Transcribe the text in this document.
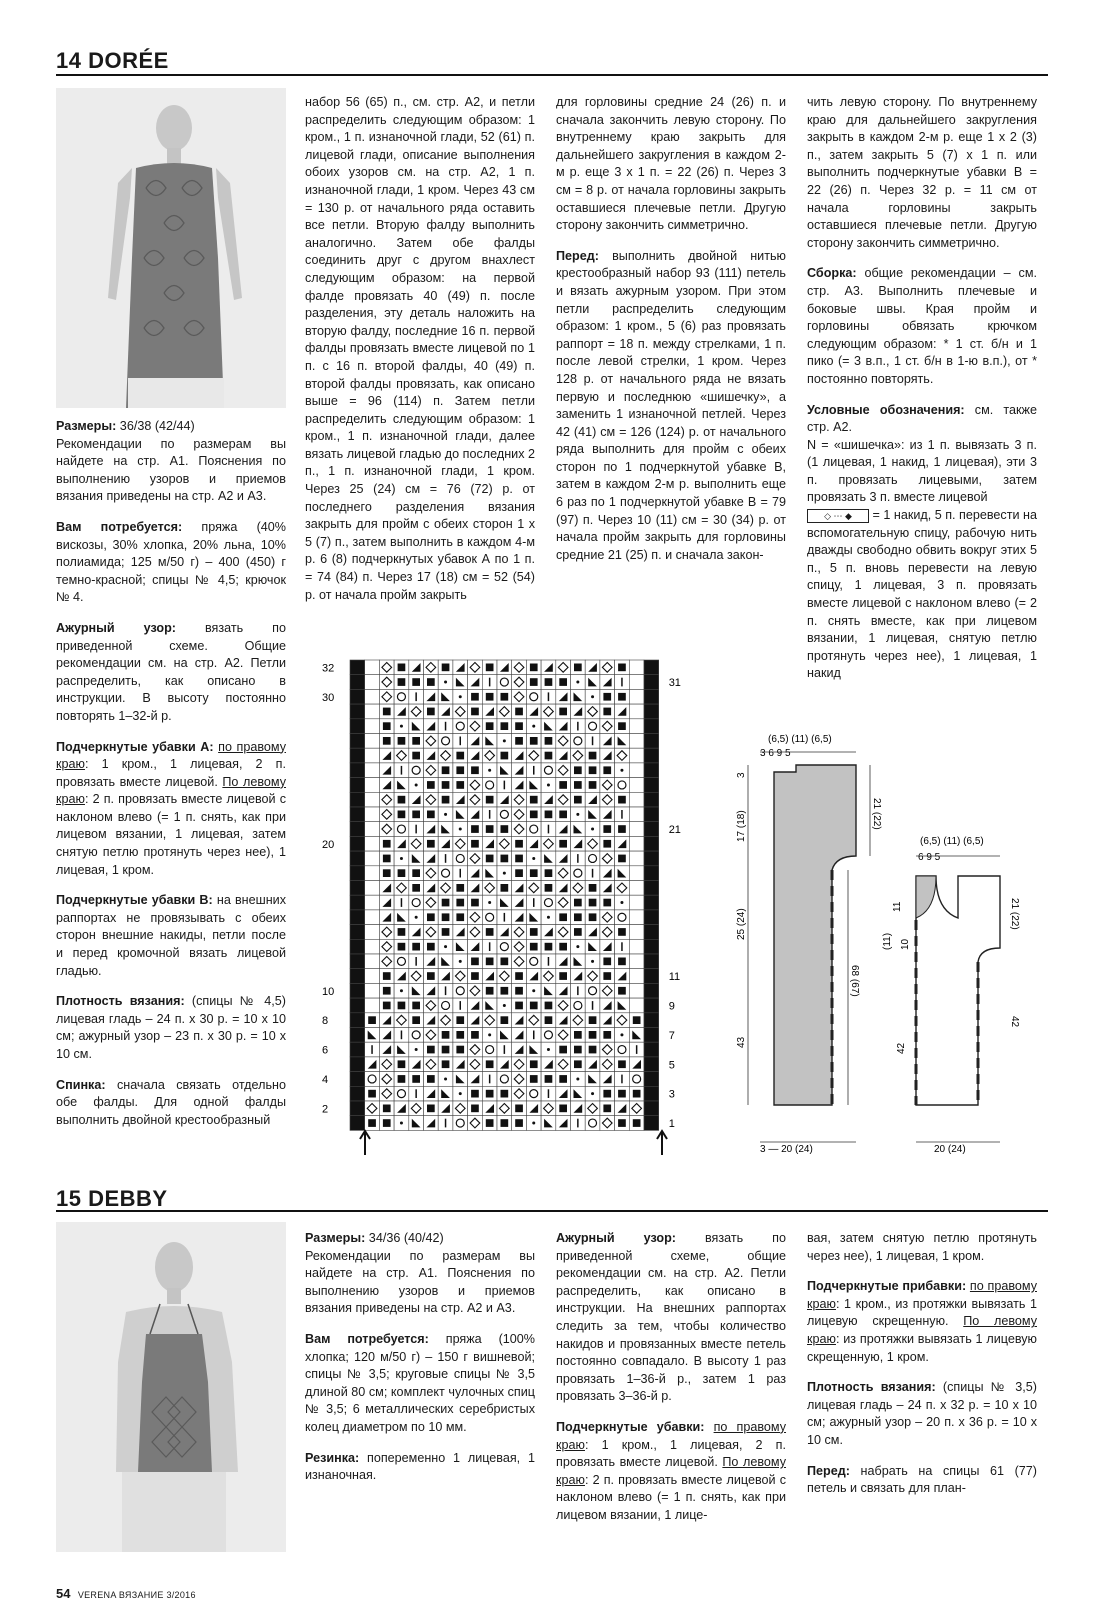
14 DORÉE

Размеры: 36/38 (42/44)
Рекомендации по размерам вы найдете на стр. А1. Пояснения по выполнению узоров и приемов вязания приведены на стр. А2 и А3.

Вам потребуется: пряжа (40% вискозы, 30% хлопка, 20% льна, 10% полиамида; 125 м/50 г) – 400 (450) г темно-красной; спицы № 4,5; крючок № 4.

Ажурный узор: вязать по приведенной схеме. Общие рекомендации см. на стр. А2. Петли распределить, как описано в инструкции. В высоту постоянно повторять 1–32-й р.

Подчеркнутые убавки А: по правому краю: 1 кром., 1 лицевая, 2 п. провязать вместе лицевой. По левому краю: 2 п. провязать вместе лицевой с наклоном влево (= 1 п. снять, как при лицевом вязании, 1 лицевая, затем снятую петлю протянуть через нее), 1 лицевая, 1 кром.

Подчеркнутые убавки В: на внешних раппортах не провязывать с обеих сторон внешние накиды, петли после и перед кромочной вязать лицевой гладью.

Плотность вязания: (спицы № 4,5) лицевая гладь – 24 п. х 30 р. = 10 х 10 см; ажурный узор – 23 п. х 30 р. = 10 х 10 см.

Спинка: сначала связать отдельно обе фалды. Для одной фалды выполнить двойной крестообразный

набор 56 (65) п., см. стр. А2, и петли распределить следующим образом: 1 кром., 1 п. изнаночной глади, 52 (61) п. лицевой глади, описание выполнения обоих узоров см. на стр. А2, 1 п. изнаночной глади, 1 кром. Через 43 см = 130 р. от начального ряда оставить все петли. Вторую фалду выполнить аналогично. Затем обе фалды соединить друг с другом внахлест следующим образом: на первой фалде провязать 40 (49) п. после разделения, эту деталь наложить на вторую фалду, последние 16 п. первой фалды провязать вместе лицевой по 1 п. с 16 п. второй фалды, 40 (49) п. второй фалды провязать, как описано выше = 96 (114) п. Затем петли распределить следующим образом: 1 кром., 1 п. изнаночной глади, далее вязать лицевой гладью до последних 2 п., 1 п. изнаночной глади, 1 кром. Через 25 (24) см = 76 (72) р. от последнего разделения вязания закрыть для пройм с обеих сторон 1 х 5 (7) п., затем выполнить в каждом 4-м р. 6 (8) подчеркнутых убавок А по 1 п. = 74 (84) п. Через 17 (18) см = 52 (54) р. от начала пройм закрыть

для горловины средние 24 (26) п. и сначала закончить левую сторону. По внутреннему краю закрыть для дальнейшего закругления в каждом 2-м р. еще 3 х 1 п. = 22 (26) п. Через 3 см = 8 р. от начала горловины закрыть оставшиеся плечевые петли. Другую сторону закончить симметрично.

Перед: выполнить двойной нитью крестообразный набор 93 (111) петель и вязать ажурным узором. При этом петли распределить следующим образом: 1 кром., 5 (6) раз провязать раппорт = 18 п. между стрелками, 1 п. после левой стрелки, 1 кром. Через 128 р. от начального ряда не вязать первую и последнюю «шишечку», а заменить 1 изнаночной петлей. Через 42 (41) см = 126 (124) р. от начального ряда выполнить для пройм с обеих сторон по 1 подчеркнутой убавке В, затем в каждом 2-м р. выполнить еще 6 раз по 1 подчеркнутой убавке В = 79 (97) п. Через 10 (11) см = 30 (34) р. от начала пройм закрыть для горловины средние 21 (25) п. и сначала закон-

чить левую сторону. По внутреннему краю для дальнейшего закругления закрыть в каждом 2-м р. еще 1 х 2 (3) п., затем закрыть 5 (7) х 1 п. или выполнить подчеркнутые убавки В = 22 (26) п. Через 32 р. = 11 см от начала горловины закрыть оставшиеся плечевые петли. Другую сторону закончить симметрично.

Сборка: общие рекомендации – см. стр. А3. Выполнить плечевые и боковые швы. Края пройм и горловины обвязать крючком следующим образом: * 1 ст. б/н и 1 пико (= 3 в.п., 1 ст. б/н в 1-ю в.п.), от * постоянно повторять.

Условные обозначения: см. также стр. А2.

N = «шишечка»: из 1 п. вывязать 3 п. (1 лицевая, 1 накид, 1 лицевая), эти 3 п. провязать лицевыми, затем провязать 3 п. вместе лицевой

◇ ⋯ ◆ = 1 накид, 5 п. перевести на вспомогательную спицу, рабочую нить дважды свободно обвить вокруг этих 5 п., 5 п. вновь перевести на левую спицу, 1 лицевая, 3 п. провязать вместе лицевой с наклоном влево (= 2 п. снять вместе, как при лицевом вязании, 1 лицевая, снятую петлю протянуть через нее), 1 лицевая, 1 накид

32
30
20
10
8
6
4
2
31
21
11
9
7
5
3
1
(6,5) (11) (6,5)
3 6 9 5
3
17 (18)
25 (24)
43
21 (22)
68 (67)
3 — 20 (24)
(6,5) (11) (6,5)
6 9 5
11
10
(11)
42
21 (22)
42
20 (24)
15 DEBBY

Размеры: 34/36 (40/42)
Рекомендации по размерам вы найдете на стр. А1. Пояснения по выполнению узоров и приемов вязания приведены на стр. А2 и А3.

Вам потребуется: пряжа (100% хлопка; 120 м/50 г) – 150 г вишневой; спицы № 3,5; круговые спицы № 3,5 длиной 80 см; комплект чулочных спиц № 3,5; 6 металлических серебристых колец диаметром по 10 мм.

Резинка: попеременно 1 лицевая, 1 изнаночная.

Ажурный узор: вязать по приведенной схеме, общие рекомендации см. на стр. А2. Петли распределить, как описано в инструкции. На внешних раппортах следить за тем, чтобы количество накидов и провязанных вместе петель постоянно совпадало. В высоту 1 раз провязать 1–36-й р., затем 1 раз провязать 3–36-й р.

Подчеркнутые убавки: по правому краю: 1 кром., 1 лицевая, 2 п. провязать вместе лицевой. По левому краю: 2 п. провязать вместе лицевой с наклоном влево (= 1 п. снять, как при лицевом вязании, 1 лице-

вая, затем снятую петлю протянуть через нее), 1 лицевая, 1 кром.

Подчеркнутые прибавки: по правому краю: 1 кром., из протяжки вывязать 1 лицевую скрещенную. По левому краю: из протяжки вывязать 1 лицевую скрещенную, 1 кром.

Плотность вязания: (спицы № 3,5) лицевая гладь – 24 п. х 32 р. = 10 х 10 см; ажурный узор – 20 п. х 36 р. = 10 х 10 см.

Перед: набрать на спицы 61 (77) петель и связать для план-

54 VERENA ВЯЗАНИЕ 3/2016
